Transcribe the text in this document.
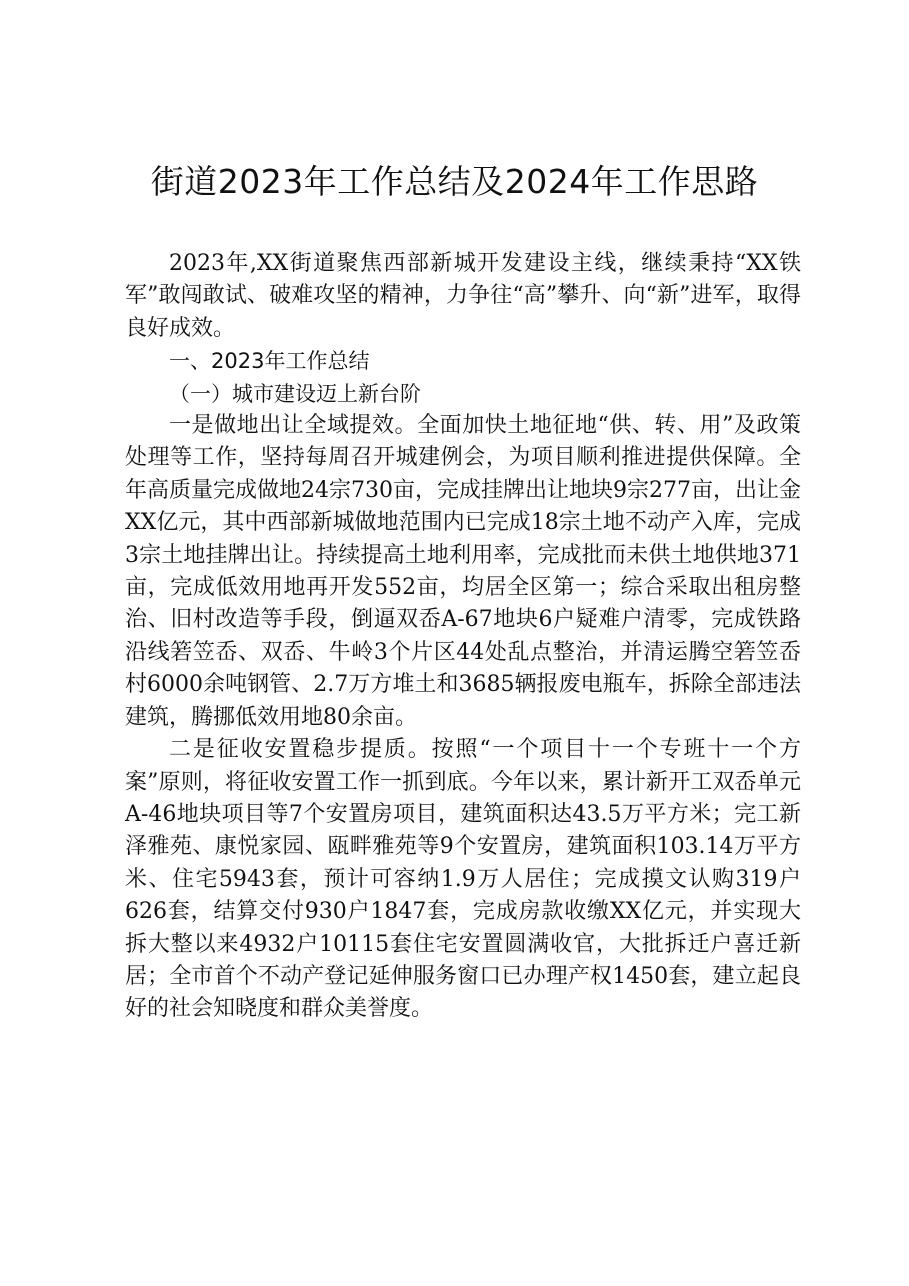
街道2023年工作总结及2024年工作思路

2023年,XX街道聚焦西部新城开发建设主线，继续秉持“XX铁军”敢闯敢试、破难攻坚的精神，力争往“高”攀升、向“新”进军，取得良好成效。

一、2023年工作总结

（一）城市建设迈上新台阶

一是做地出让全域提效。全面加快土地征地“供、转、用”及政策处理等工作，坚持每周召开城建例会，为项目顺利推进提供保障。全年高质量完成做地24宗730亩，完成挂牌出让地块9宗277亩，出让金XX亿元，其中西部新城做地范围内已完成18宗土地不动产入库，完成3宗土地挂牌出让。持续提高土地利用率，完成批而未供土地供地371亩，完成低效用地再开发552亩，均居全区第一；综合采取出租房整治、旧村改造等手段，倒逼双岙A-67地块6户疑难户清零，完成铁路沿线箬笠岙、双岙、牛岭3个片区44处乱点整治，并清运腾空箬笠岙村6000余吨钢管、2.7万方堆土和3685辆报废电瓶车，拆除全部违法建筑，腾挪低效用地80余亩。

二是征收安置稳步提质。按照“一个项目十一个专班十一个方案”原则，将征收安置工作一抓到底。今年以来，累计新开工双岙单元A-46地块项目等7个安置房项目，建筑面积达43.5万平方米；完工新泽雅苑、康悦家园、瓯畔雅苑等9个安置房，建筑面积103.14万平方米、住宅5943套，预计可容纳1.9万人居住；完成摸文认购319户626套，结算交付930户1847套，完成房款收缴XX亿元，并实现大拆大整以来4932户10115套住宅安置圆满收官，大批拆迁户喜迁新居；全市首个不动产登记延伸服务窗口已办理产权1450套，建立起良好的社会知晓度和群众美誉度。
